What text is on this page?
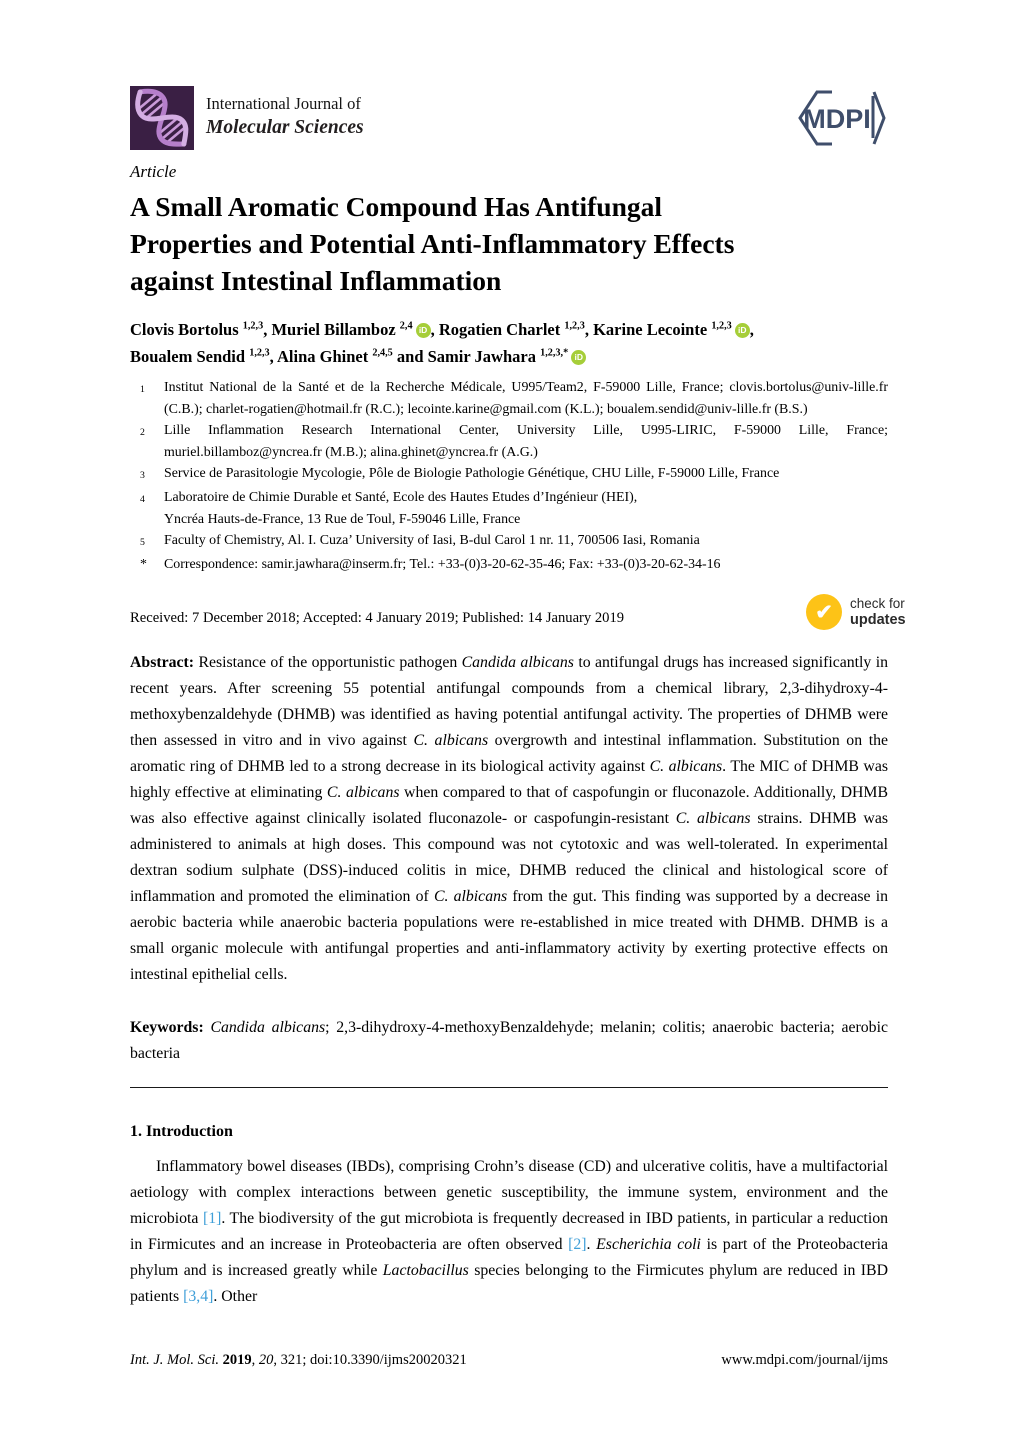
International Journal of
Molecular Sciences	MDPI
Article
A Small Aromatic Compound Has Antifungal
Properties and Potential Anti-Inflammatory Effects
against Intestinal Inflammation
Clovis Bortolus $^{1,2,3}$, Muriel Billamboz $^{2,4}$ iD , Rogatien Charlet $^{1,2,3}$, Karine Lecointe $^{1,2,3}$ iD ,
Boualem Sendid $^{1,2,3}$, Alina Ghinet $^{2,4,5}$ and Samir Jawhara $^{1,2,3,*}$ iD
1	Institut National de la Santé et de la Recherche Médicale, U995/Team2, F-59000 Lille, France; clovis.bortolus@univ-lille.fr (C.B.); charlet-rogatien@hotmail.fr (R.C.); lecointe.karine@gmail.com (K.L.); boualem.sendid@univ-lille.fr (B.S.)
2	Lille Inflammation Research International Center, University Lille, U995-LIRIC, F-59000 Lille, France; muriel.billamboz@yncrea.fr (M.B.); alina.ghinet@yncrea.fr (A.G.)
3	Service de Parasitologie Mycologie, Pôle de Biologie Pathologie Génétique, CHU Lille, F-59000 Lille, France
4	Laboratoire de Chimie Durable et Santé, Ecole des Hautes Etudes d’Ingénieur (HEI),
Yncréa Hauts-de-France, 13 Rue de Toul, F-59046 Lille, France
5	Faculty of Chemistry, Al. I. Cuza’ University of Iasi, B-dul Carol 1 nr. 11, 700506 Iasi, Romania
*	Correspondence: samir.jawhara@inserm.fr; Tel.: +33-(0)3-20-62-35-46; Fax: +33-(0)3-20-62-34-16
Received: 7 December 2018; Accepted: 4 January 2019; Published: 14 January 2019	✔	check for
updates
Abstract: Resistance of the opportunistic pathogen Candida albicans to antifungal drugs has increased significantly in recent years. After screening 55 potential antifungal compounds from a chemical library, 2,3-dihydroxy-4-methoxybenzaldehyde (DHMB) was identified as having potential antifungal activity. The properties of DHMB were then assessed in vitro and in vivo against C. albicans overgrowth and intestinal inflammation. Substitution on the aromatic ring of DHMB led to a strong decrease in its biological activity against C. albicans. The MIC of DHMB was highly effective at eliminating C. albicans when compared to that of caspofungin or fluconazole. Additionally, DHMB was also effective against clinically isolated fluconazole- or caspofungin-resistant C. albicans strains. DHMB was administered to animals at high doses. This compound was not cytotoxic and was well-tolerated. In experimental dextran sodium sulphate (DSS)-induced colitis in mice, DHMB reduced the clinical and histological score of inflammation and promoted the elimination of C. albicans from the gut. This finding was supported by a decrease in aerobic bacteria while anaerobic bacteria populations were re-established in mice treated with DHMB. DHMB is a small organic molecule with antifungal properties and anti-inflammatory activity by exerting protective effects on intestinal epithelial cells.
Keywords: Candida albicans; 2,3-dihydroxy-4-methoxyBenzaldehyde; melanin; colitis; anaerobic bacteria; aerobic bacteria
1. Introduction
Inflammatory bowel diseases (IBDs), comprising Crohn’s disease (CD) and ulcerative colitis, have a multifactorial aetiology with complex interactions between genetic susceptibility, the immune system, environment and the microbiota [1]. The biodiversity of the gut microbiota is frequently decreased in IBD patients, in particular a reduction in Firmicutes and an increase in Proteobacteria are often observed [2]. Escherichia coli is part of the Proteobacteria phylum and is increased greatly while Lactobacillus species belonging to the Firmicutes phylum are reduced in IBD patients [3,4]. Other
Int. J. Mol. Sci. 2019, 20, 321; doi:10.3390/ijms20020321	www.mdpi.com/journal/ijms
